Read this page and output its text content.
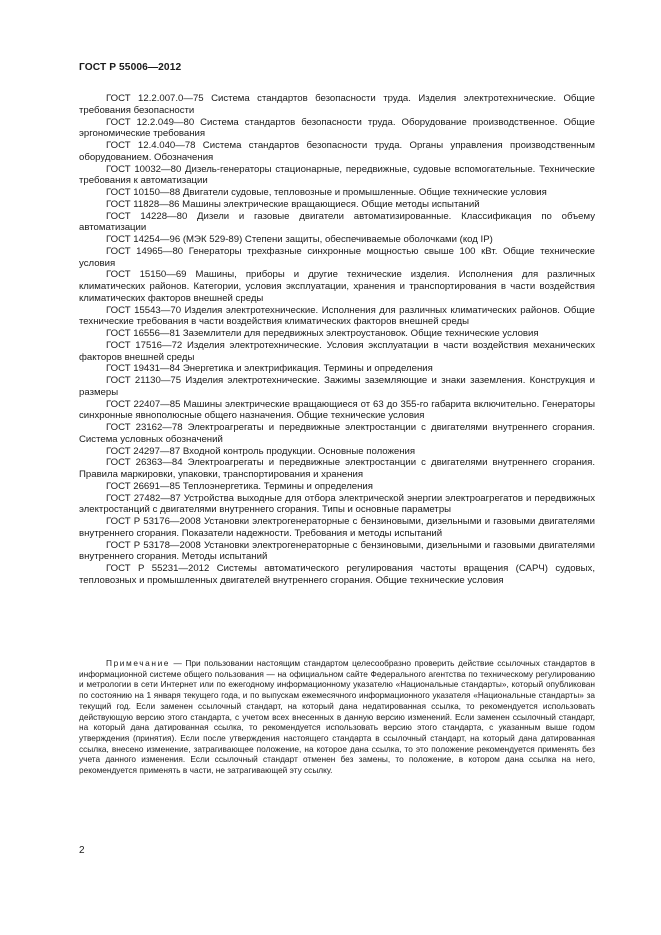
ГОСТ Р 55006—2012

ГОСТ 12.2.007.0—75 Система стандартов безопасности труда. Изделия электротехнические. Общие требования безопасности

ГОСТ 12.2.049—80 Система стандартов безопасности труда. Оборудование производственное. Общие эргономические требования

ГОСТ 12.4.040—78 Система стандартов безопасности труда. Органы управления производственным оборудованием. Обозначения

ГОСТ 10032—80 Дизель-генераторы стационарные, передвижные, судовые вспомогательные. Технические требования к автоматизации

ГОСТ 10150—88 Двигатели судовые, тепловозные и промышленные. Общие технические условия

ГОСТ 11828—86 Машины электрические вращающиеся. Общие методы испытаний

ГОСТ 14228—80 Дизели и газовые двигатели автоматизированные. Классификация по объему автоматизации

ГОСТ 14254—96 (МЭК 529-89) Степени защиты, обеспечиваемые оболочками (код IP)

ГОСТ 14965—80 Генераторы трехфазные синхронные мощностью свыше 100 кВт. Общие технические условия

ГОСТ 15150—69 Машины, приборы и другие технические изделия. Исполнения для различных климатических районов. Категории, условия эксплуатации, хранения и транспортирования в части воздействия климатических факторов внешней среды

ГОСТ 15543—70 Изделия электротехнические. Исполнения для различных климатических районов. Общие технические требования в части воздействия климатических факторов внешней среды

ГОСТ 16556—81 Заземлители для передвижных электроустановок. Общие технические условия

ГОСТ 17516—72 Изделия электротехнические. Условия эксплуатации в части воздействия механических факторов внешней среды

ГОСТ 19431—84 Энергетика и электрификация. Термины и определения

ГОСТ 21130—75 Изделия электротехнические. Зажимы заземляющие и знаки заземления. Конструкция и размеры

ГОСТ 22407—85 Машины электрические вращающиеся от 63 до 355-го габарита включительно. Генераторы синхронные явнополюсные общего назначения. Общие технические условия

ГОСТ 23162—78 Электроагрегаты и передвижные электростанции с двигателями внутреннего сгорания. Система условных обозначений

ГОСТ 24297—87 Входной контроль продукции. Основные положения

ГОСТ 26363—84 Электроагрегаты и передвижные электростанции с двигателями внутреннего сгорания. Правила маркировки, упаковки, транспортирования и хранения

ГОСТ 26691—85 Теплоэнергетика. Термины и определения

ГОСТ 27482—87 Устройства выходные для отбора электрической энергии электроагрегатов и передвижных электростанций с двигателями внутреннего сгорания. Типы и основные параметры

ГОСТ Р 53176—2008 Установки электрогенераторные с бензиновыми, дизельными и газовыми двигателями внутреннего сгорания. Показатели надежности. Требования и методы испытаний

ГОСТ Р 53178—2008 Установки электрогенераторные с бензиновыми, дизельными и газовыми двигателями внутреннего сгорания. Методы испытаний

ГОСТ Р 55231—2012 Системы автоматического регулирования частоты вращения (САРЧ) судовых, тепловозных и промышленных двигателей внутреннего сгорания. Общие технические условия

Примечание — При пользовании настоящим стандартом целесообразно проверить действие ссылочных стандартов в информационной системе общего пользования — на официальном сайте Федерального агентства по техническому регулированию и метрологии в сети Интернет или по ежегодному информационному указателю «Национальные стандарты», который опубликован по состоянию на 1 января текущего года, и по выпускам ежемесячного информационного указателя «Национальные стандарты» за текущий год. Если заменен ссылочный стандарт, на который дана недатированная ссылка, то рекомендуется использовать действующую версию этого стандарта, с учетом всех внесенных в данную версию изменений. Если заменен ссылочный стандарт, на который дана датированная ссылка, то рекомендуется использовать версию этого стандарта, с указанным выше годом утверждения (принятия). Если после утверждения настоящего стандарта в ссылочный стандарт, на который дана датированная ссылка, внесено изменение, затрагивающее положение, на которое дана ссылка, то это положение рекомендуется применять без учета данного изменения. Если ссылочный стандарт отменен без замены, то положение, в котором дана ссылка на него, рекомендуется применять в части, не затрагивающей эту ссылку.

2
